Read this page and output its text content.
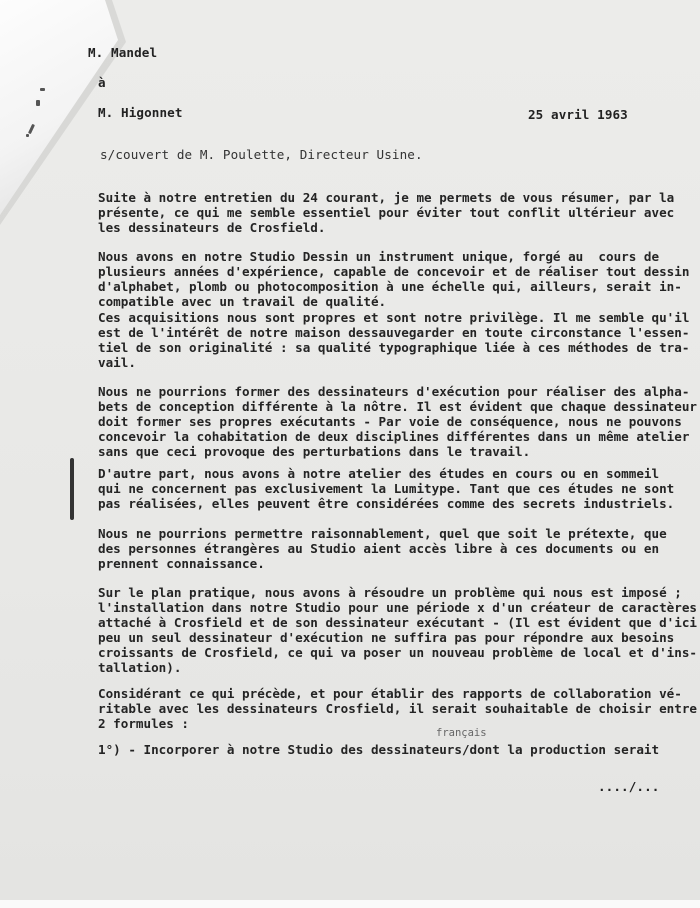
M. Mandel
à
M. Higonnet	25 avril 1963
s/couvert de M. Poulette, Directeur Usine.
Suite à notre entretien du 24 courant, je me permets de vous résumer, par la
présente, ce qui me semble essentiel pour éviter tout conflit ultérieur avec
les dessinateurs de Crosfield.
Nous avons en notre Studio Dessin un instrument unique, forgé au  cours de
plusieurs années d'expérience, capable de concevoir et de réaliser tout dessin
d'alphabet, plomb ou photocomposition à une échelle qui, ailleurs, serait in-
compatible avec un travail de qualité.
Ces acquisitions nous sont propres et sont notre privilège. Il me semble qu'il
est de l'intérêt de notre maison dessauvegarder en toute circonstance l'essen-
tiel de son originalité : sa qualité typographique liée à ces méthodes de tra-
vail.
Nous ne pourrions former des dessinateurs d'exécution pour réaliser des alpha-
bets de conception différente à la nôtre. Il est évident que chaque dessinateur
doit former ses propres exécutants - Par voie de conséquence, nous ne pouvons
concevoir la cohabitation de deux disciplines différentes dans un même atelier
sans que ceci provoque des perturbations dans le travail.
D'autre part, nous avons à notre atelier des études en cours ou en sommeil
qui ne concernent pas exclusivement la Lumitype. Tant que ces études ne sont
pas réalisées, elles peuvent être considérées comme des secrets industriels.
Nous ne pourrions permettre raisonnablement, quel que soit le prétexte, que
des personnes étrangères au Studio aient accès libre à ces documents ou en
prennent connaissance.
Sur le plan pratique, nous avons à résoudre un problème qui nous est imposé ;
l'installation dans notre Studio pour une période x d'un créateur de caractères
attaché à Crosfield et de son dessinateur exécutant - (Il est évident que d'ici
peu un seul dessinateur d'exécution ne suffira pas pour répondre aux besoins
croissants de Crosfield, ce qui va poser un nouveau problème de local et d'ins-
tallation).
Considérant ce qui précède, et pour établir des rapports de collaboration vé-
ritable avec les dessinateurs Crosfield, il serait souhaitable de choisir entre
2 formules :
français
1°) - Incorporer à notre Studio des dessinateurs/dont la production serait
..../...
